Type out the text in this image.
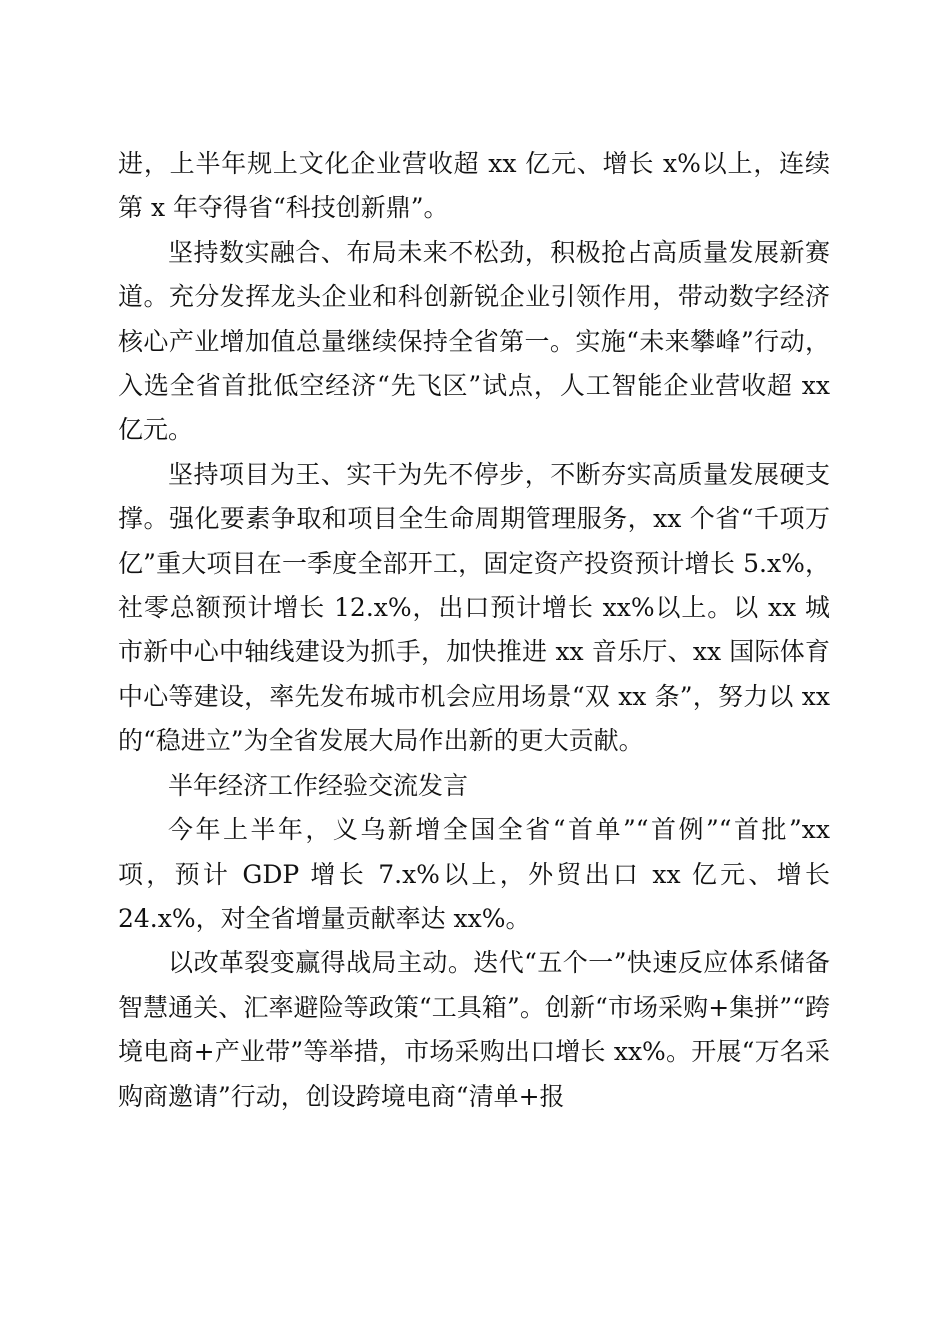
进，上半年规上文化企业营收超 xx 亿元、增长 x%以上，连续第 x 年夺得省“科技创新鼎”。

坚持数实融合、布局未来不松劲，积极抢占高质量发展新赛道。充分发挥龙头企业和科创新锐企业引领作用，带动数字经济核心产业增加值总量继续保持全省第一。实施“未来攀峰”行动，入选全省首批低空经济“先飞区”试点，人工智能企业营收超 xx 亿元。

坚持项目为王、实干为先不停步，不断夯实高质量发展硬支撑。强化要素争取和项目全生命周期管理服务，xx 个省“千项万亿”重大项目在一季度全部开工，固定资产投资预计增长 5.x%，社零总额预计增长 12.x%，出口预计增长 xx%以上。以 xx 城市新中心中轴线建设为抓手，加快推进 xx 音乐厅、xx 国际体育中心等建设，率先发布城市机会应用场景“双 xx 条”，努力以 xx 的“稳进立”为全省发展大局作出新的更大贡献。

半年经济工作经验交流发言

今年上半年，义乌新增全国全省“首单”“首例”“首批”xx 项，预计 GDP 增长 7.x%以上，外贸出口 xx 亿元、增长 24.x%，对全省增量贡献率达 xx%。

以改革裂变赢得战局主动。迭代“五个一”快速反应体系储备智慧通关、汇率避险等政策“工具箱”。创新“市场采购+集拼”“跨境电商+产业带”等举措，市场采购出口增长 xx%。开展“万名采购商邀请”行动，创设跨境电商“清单+报
